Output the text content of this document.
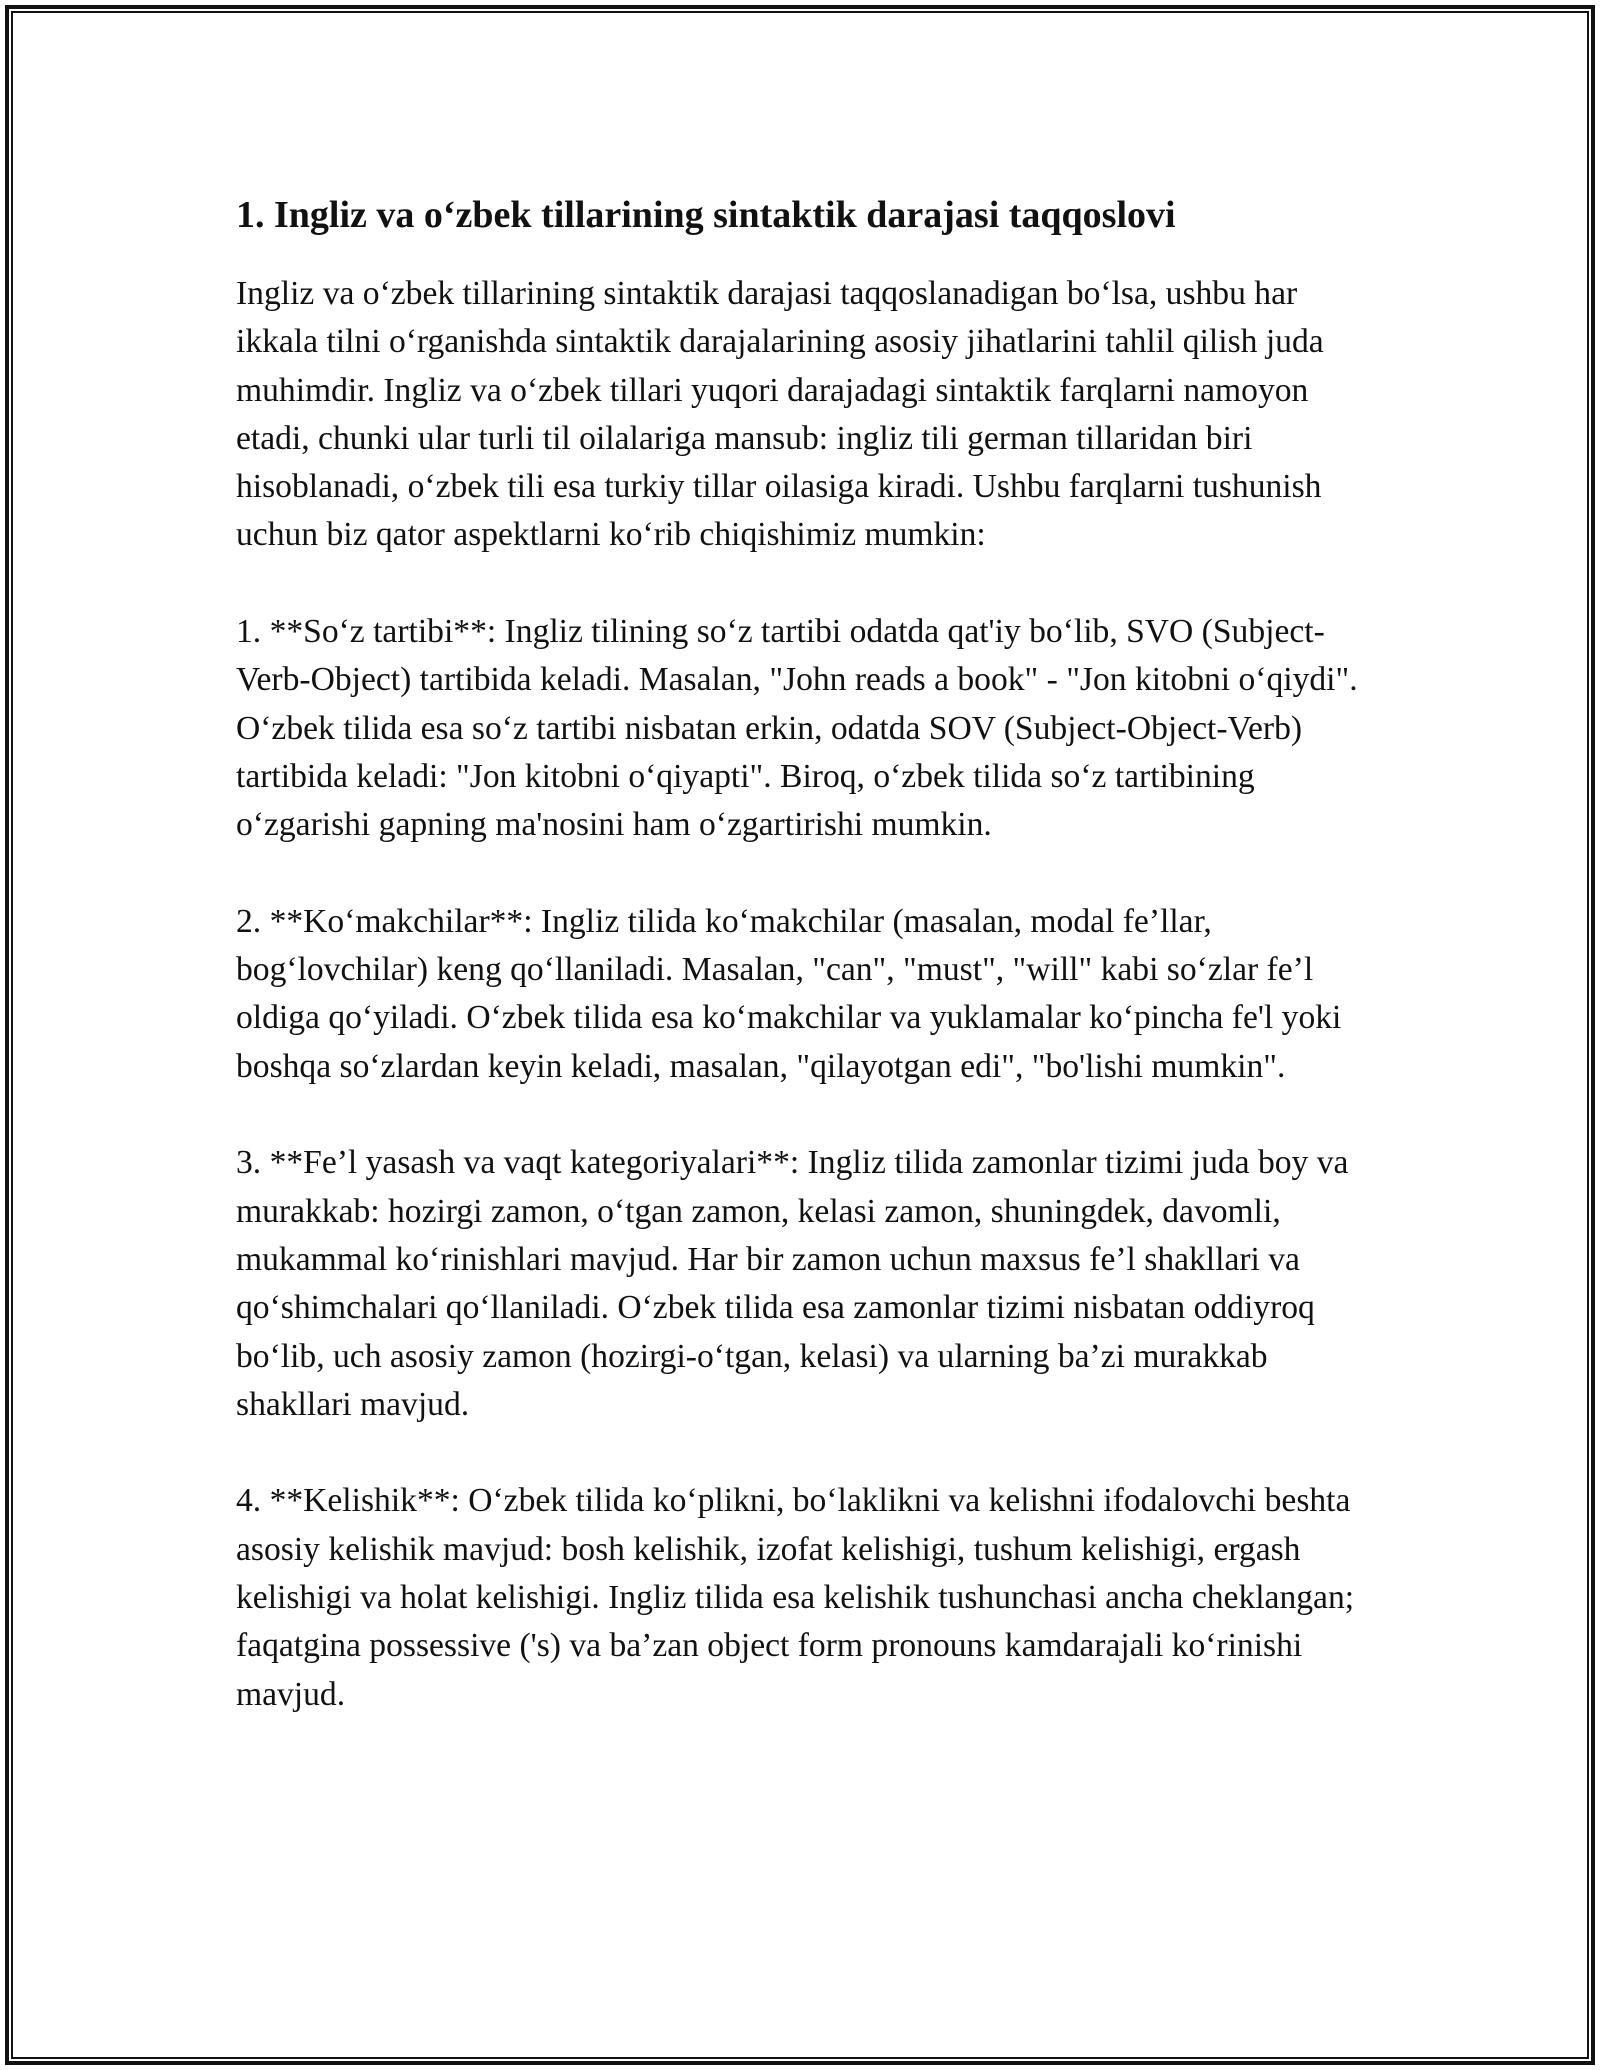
1. Ingliz va o‘zbek tillarining sintaktik darajasi taqqoslovi

Ingliz va o‘zbek tillarining sintaktik darajasi taqqoslanadigan bo‘lsa, ushbu har ikkala tilni o‘rganishda sintaktik darajalarining asosiy jihatlarini tahlil qilish juda muhimdir. Ingliz va o‘zbek tillari yuqori darajadagi sintaktik farqlarni namoyon etadi, chunki ular turli til oilalariga mansub: ingliz tili german tillaridan biri hisoblanadi, o‘zbek tili esa turkiy tillar oilasiga kiradi. Ushbu farqlarni tushunish uchun biz qator aspektlarni ko‘rib chiqishimiz mumkin:

1. **So‘z tartibi**: Ingliz tilining so‘z tartibi odatda qat'iy bo‘lib, SVO (Subject-Verb-Object) tartibida keladi. Masalan, "John reads a book" - "Jon kitobni o‘qiydi". O‘zbek tilida esa so‘z tartibi nisbatan erkin, odatda SOV (Subject-Object-Verb) tartibida keladi: "Jon kitobni o‘qiyapti". Biroq, o‘zbek tilida so‘z tartibining o‘zgarishi gapning ma'nosini ham o‘zgartirishi mumkin.

2. **Ko‘makchilar**: Ingliz tilida ko‘makchilar (masalan, modal fe’llar, bog‘lovchilar) keng qo‘llaniladi. Masalan, "can", "must", "will" kabi so‘zlar fe’l oldiga qo‘yiladi. O‘zbek tilida esa ko‘makchilar va yuklamalar ko‘pincha fe'l yoki boshqa so‘zlardan keyin keladi, masalan, "qilayotgan edi", "bo'lishi mumkin".

3. **Fe’l yasash va vaqt kategoriyalari**: Ingliz tilida zamonlar tizimi juda boy va murakkab: hozirgi zamon, o‘tgan zamon, kelasi zamon, shuningdek, davomli, mukammal ko‘rinishlari mavjud. Har bir zamon uchun maxsus fe’l shakllari va qo‘shimchalari qo‘llaniladi. O‘zbek tilida esa zamonlar tizimi nisbatan oddiyroq bo‘lib, uch asosiy zamon (hozirgi-o‘tgan, kelasi) va ularning ba’zi murakkab shakllari mavjud.

4. **Kelishik**: O‘zbek tilida ko‘plikni, bo‘laklikni va kelishni ifodalovchi beshta asosiy kelishik mavjud: bosh kelishik, izofat kelishigi, tushum kelishigi, ergash kelishigi va holat kelishigi. Ingliz tilida esa kelishik tushunchasi ancha cheklangan; faqatgina possessive ('s) va ba’zan object form pronouns kamdarajali ko‘rinishi mavjud.
